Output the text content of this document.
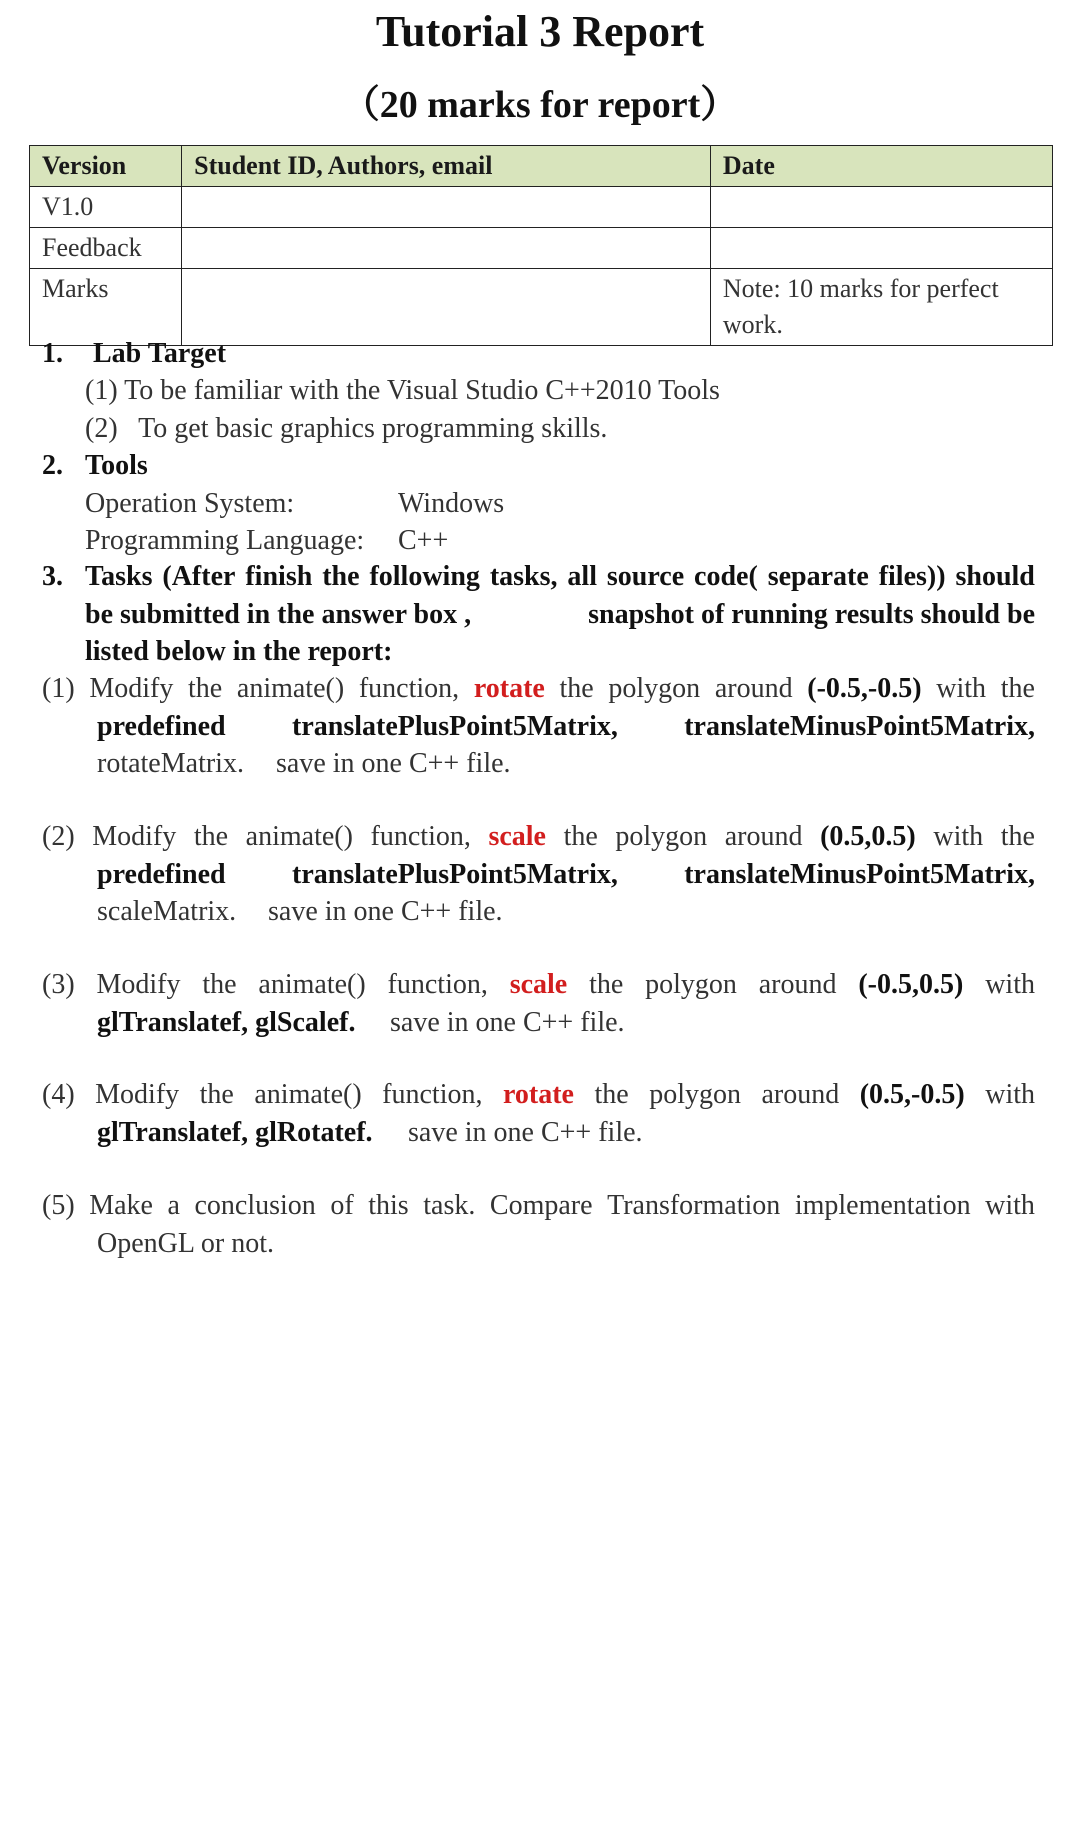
Tutorial 3 Report
（20 marks for report）
Version	Student ID, Authors, email	Date
V1.0		
Feedback		
Marks		Note: 10 marks for perfect work.
1. Lab Target
(1) To be familiar with the Visual Studio C++2010 Tools
(2)   To get basic graphics programming skills.
2. Tools
Operation System:	Windows
Programming Language: C++
3. Tasks (After finish the following tasks, all source code( separate files)) should
be submitted in the answer box ,	snapshot of running results should be
listed below in the report:
(1) Modify the animate() function, rotate the polygon around (-0.5,-0.5) with the
predefined translatePlusPoint5Matrix, translateMinusPoint5Matrix,
rotateMatrix. save in one C++ file.
(2) Modify the animate() function, scale the polygon around (0.5,0.5) with the
predefined translatePlusPoint5Matrix, translateMinusPoint5Matrix,
scaleMatrix. save in one C++ file.
(3) Modify the animate() function, scale the polygon around (-0.5,0.5) with
glTranslatef, glScalef. save in one C++ file.
(4) Modify the animate() function, rotate the polygon around (0.5,-0.5) with
glTranslatef, glRotatef. save in one C++ file.
(5) Make a conclusion of this task. Compare Transformation implementation with
OpenGL or not.
